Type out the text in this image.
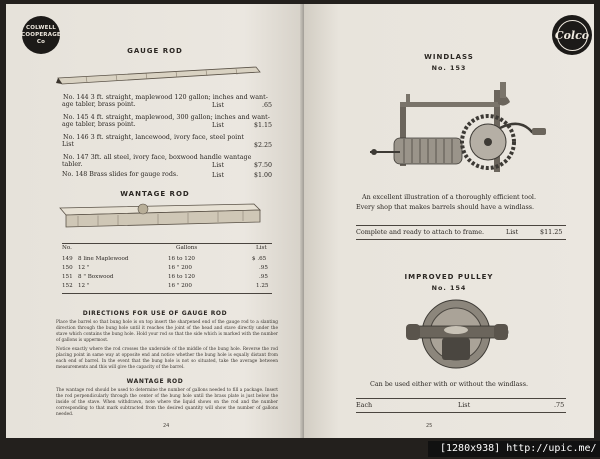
COLWELL
COOPERAGE
Co
GAUGE ROD
No. 144 3 ft. straight, maplewood 120 gallon; inches and want-
age tabler, brass point.	List	.65
No. 145 4 ft. straight, maplewood, 300 gallon; inches and want-
age tabler, brass point.	List	$1.15
No. 146 3 ft. straight, lancewood, ivory face, steel point
List	$2.25
No. 147 3ft. all steel, ivory face, boxwood handle wantage
tabler.	List	$7.50
No. 148 Brass slides for gauge rods.	List	$1.00
WANTAGE ROD
No.	Gallons	List
149 8 line Maplewood	16 to 120	$ .65
150 12 "	16 " 200	.95
151 8 " Boxwood	16 to 120	.95
152 12 "	16 " 200	1.25
DIRECTIONS FOR USE OF GAUGE ROD
Place the barrel so that bung hole is on top insert the sharpened end of the gauge rod to a slanting direction through the bung hole until it reaches the joint of the head and stave directly under the stave which contains the bung hole. Hold your rod so that the side which is marked with the number of gallons is uppermost.
Notice exactly where the rod crosses the underside of the middle of the bung hole. Reverse the rod placing point in same way at opposite end and notice whether the bung hole is equally distant from each end of barrel. In the event that the bung hole is not so situated, take the average between measurements and this will give the capacity of the barrel.
WANTAGE ROD
The wantage rod should be used to determine the number of gallons needed to fill a package. Insert the rod perpendicularly through the center of the bung hole until the brass plate is just below the inside of the stave. When withdrawn, note where the liquid shows on the rod and the number corresponding to that mark subtracted from the desired quantity will show the number of gallons needed.
24
Colco
WINDLASS
No. 153
An excellent illustration of a thoroughly efficient tool.
Every shop that makes barrels should have a windlass.
Complete and ready to attach to frame.	List	$11.25
IMPROVED PULLEY
No. 154
Can be used either with or without the windlass.
Each	List	.75
25
[1280x938] http://upic.me/
